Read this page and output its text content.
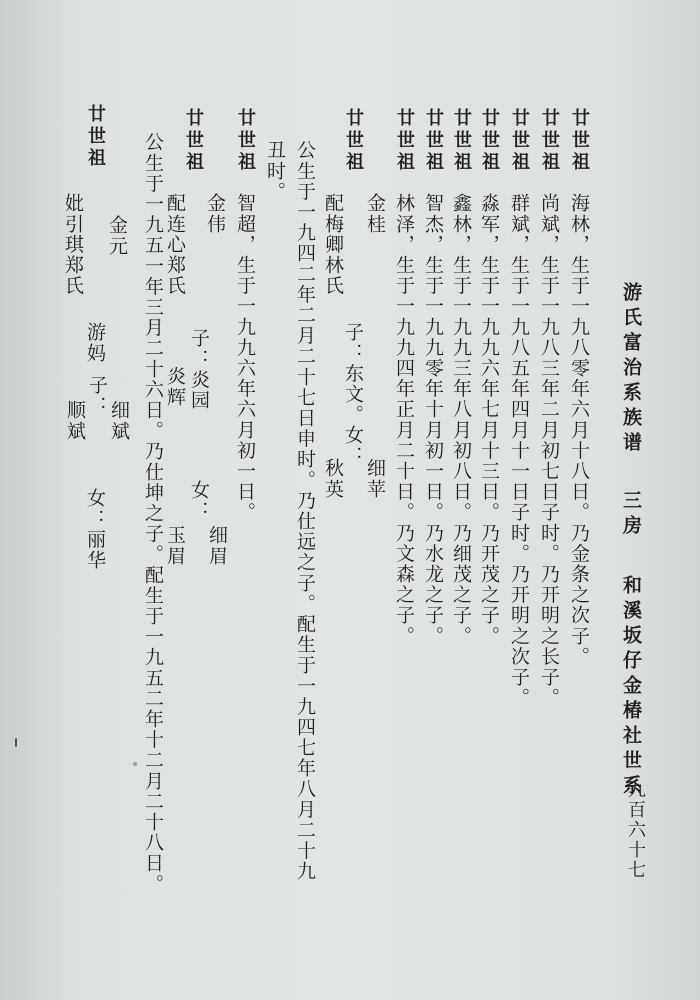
游氏富治系族谱
三房
和溪坂仔金椿社世系
九百六十七
廿世祖
海林，生于一九八零年六月十八日。乃金条之次子。
廿世祖
尚斌，生于一九八三年二月初七日子时。乃开明之长子。
廿世祖
群斌，生于一九八五年四月十一日子时。乃开明之次子。
廿世祖
淼军，生于一九九六年七月十三日。乃开茂之子。
廿世祖
鑫林，生于一九九三年八月初八日。乃细茂之子。
廿世祖
智杰，生于一九九零年十月初一日。乃水龙之子。
廿世祖
林泽，生于一九九四年正月二十日。乃文森之子。
廿世祖
金桂
配梅卿林氏
子：东文。女：
细苹
秋英
公生于一九四二年二月二十七日申时。乃仕远之子。配生于一九四七年八月二十九
丑时。
廿世祖
智超，生于一九九六年六月初一日。
廿世祖
金伟
配连心郑氏
子：炎园
炎辉
女：
细眉
玉眉
廿世祖 公生于一九五一年三月二十六日。乃仕坤之子。配生于一九五二年十二月二十八日。
金元
妣引琪郑氏
游妈
子：
细斌
顺斌
女：丽华
